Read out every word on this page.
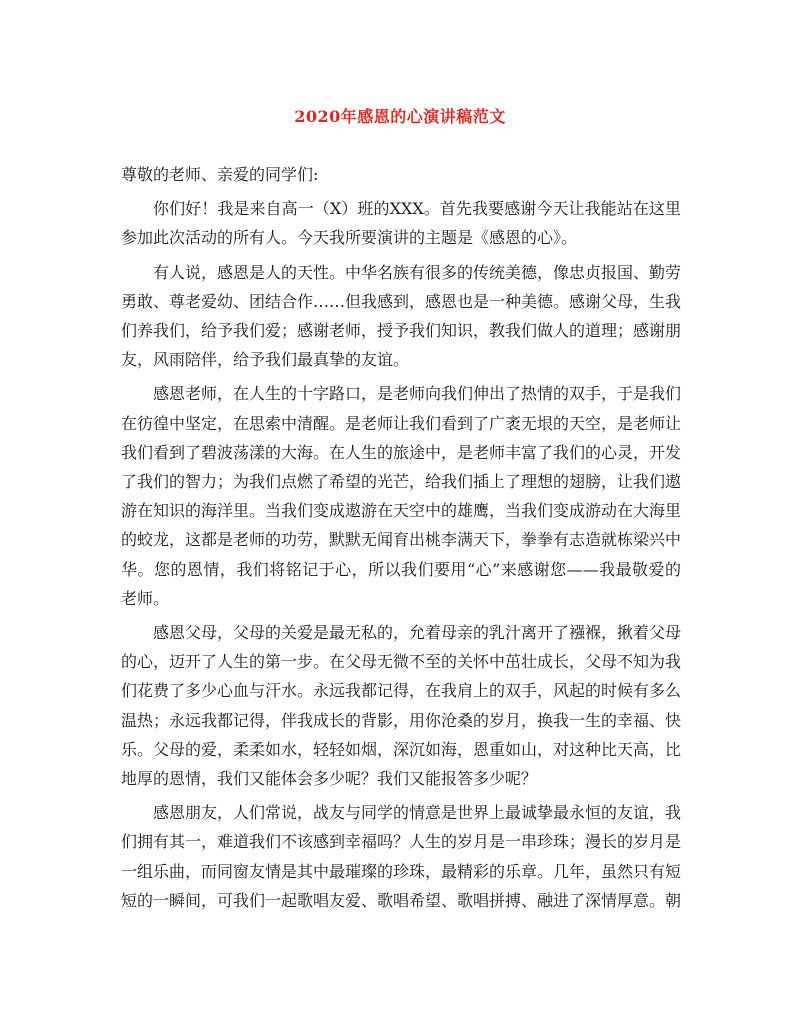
2020年感恩的心演讲稿范文

尊敬的老师、亲爱的同学们:

你们好！我是来自高一（X）班的XXX。首先我要感谢今天让我能站在这里参加此次活动的所有人。今天我所要演讲的主题是《感恩的心》。

有人说，感恩是人的天性。中华名族有很多的传统美德，像忠贞报国、勤劳勇敢、尊老爱幼、团结合作……但我感到，感恩也是一种美德。感谢父母，生我们养我们，给予我们爱；感谢老师，授予我们知识，教我们做人的道理；感谢朋友，风雨陪伴，给予我们最真挚的友谊。

感恩老师，在人生的十字路口，是老师向我们伸出了热情的双手，于是我们在彷徨中坚定，在思索中清醒。是老师让我们看到了广袤无垠的天空，是老师让我们看到了碧波荡漾的大海。在人生的旅途中，是老师丰富了我们的心灵，开发了我们的智力；为我们点燃了希望的光芒，给我们插上了理想的翅膀，让我们遨游在知识的海洋里。当我们变成遨游在天空中的雄鹰，当我们变成游动在大海里的蛟龙，这都是老师的功劳，默默无闻育出桃李满天下，拳拳有志造就栋梁兴中华。您的恩情，我们将铭记于心，所以我们要用“心”来感谢您——我最敬爱的老师。

感恩父母，父母的关爱是最无私的，允着母亲的乳汁离开了襁褓，揪着父母的心，迈开了人生的第一步。在父母无微不至的关怀中茁壮成长，父母不知为我们花费了多少心血与汗水。永远我都记得，在我肩上的双手，风起的时候有多么温热；永远我都记得，伴我成长的背影，用你沧桑的岁月，换我一生的幸福、快乐。父母的爱，柔柔如水，轻轻如烟，深沉如海，恩重如山，对这种比天高，比地厚的恩情，我们又能体会多少呢？我们又能报答多少呢？

感恩朋友，人们常说，战友与同学的情意是世界上最诚挚最永恒的友谊，我们拥有其一，难道我们不该感到幸福吗？人生的岁月是一串珍珠；漫长的岁月是一组乐曲，而同窗友情是其中最璀璨的珍珠，最精彩的乐章。几年，虽然只有短短的一瞬间，可我们一起歌唱友爱、歌唱希望、歌唱拼搏、融进了深情厚意。朝
